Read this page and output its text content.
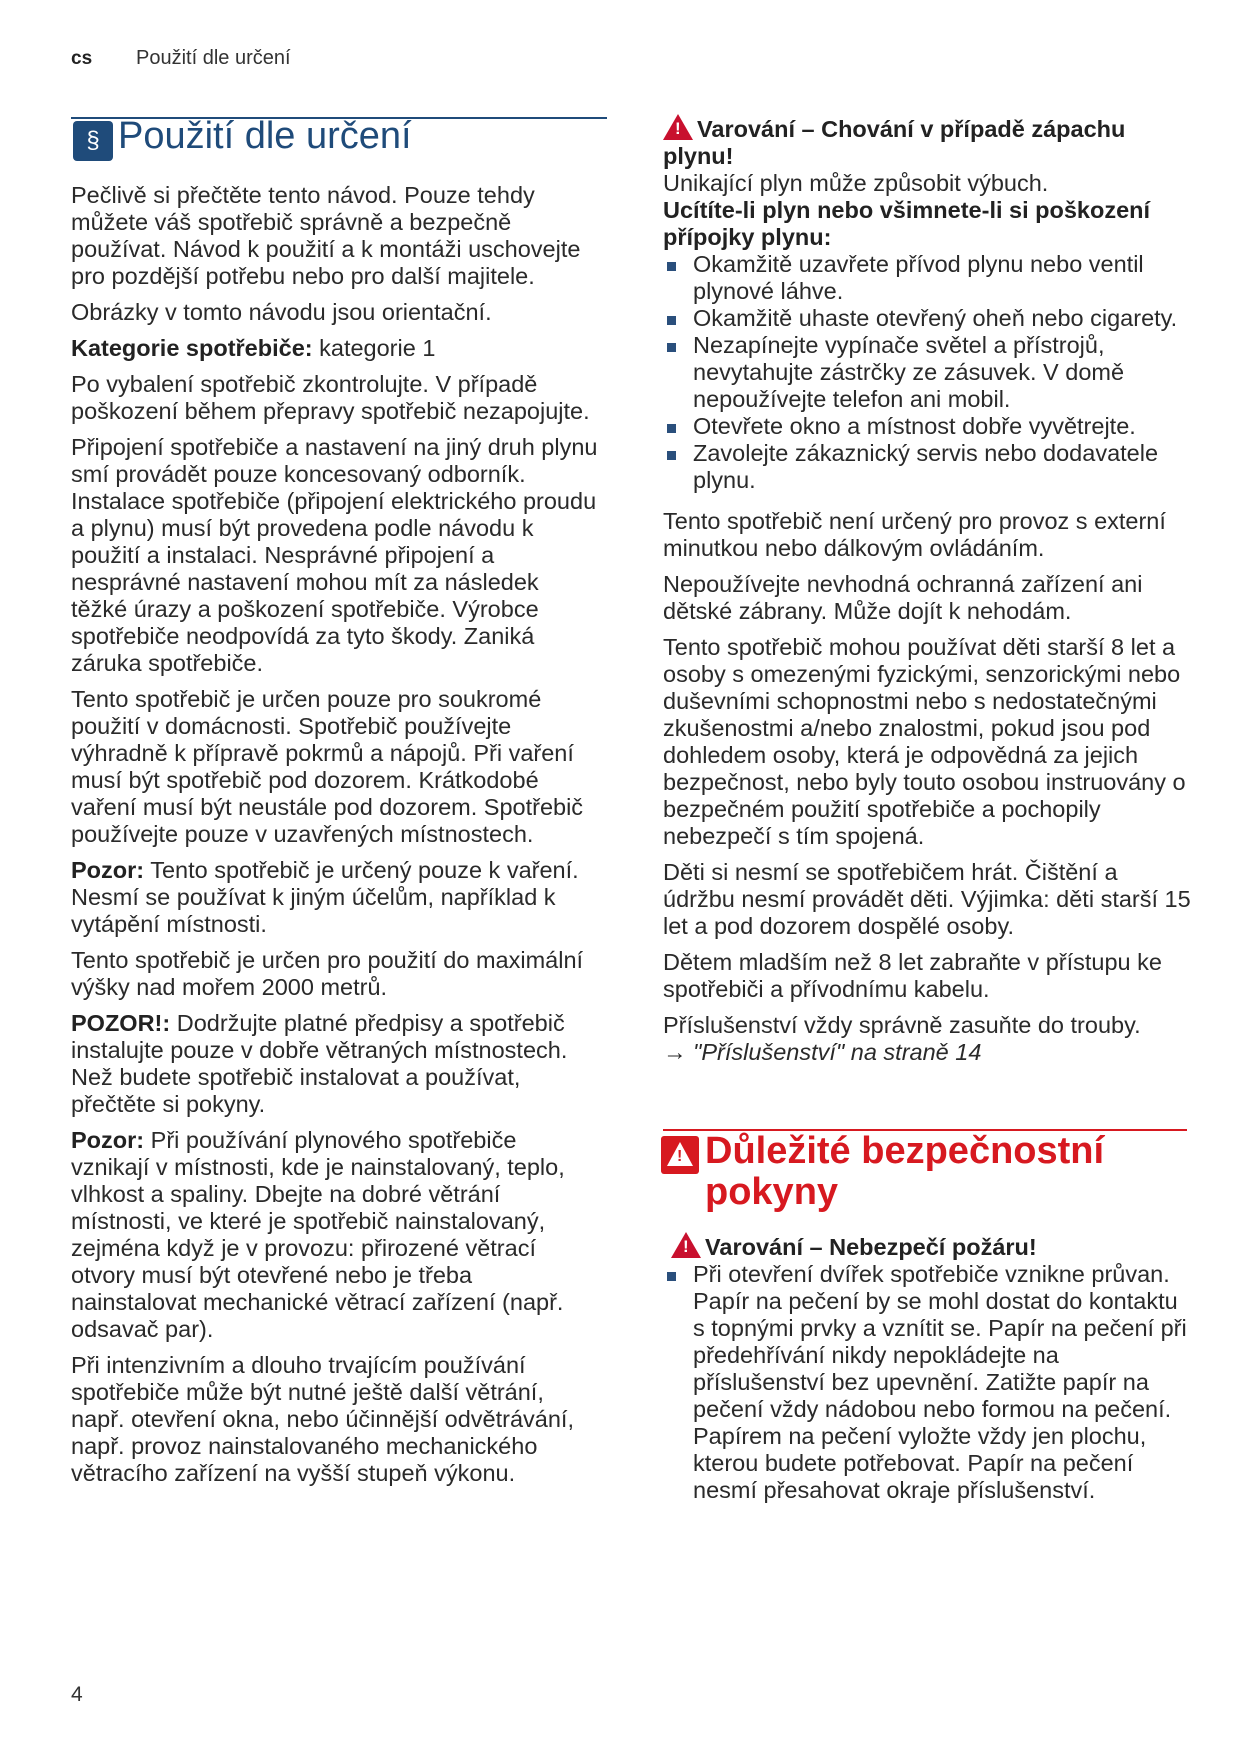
cs Použití dle určení
§ Použití dle určení

Pečlivě si přečtěte tento návod. Pouze tehdy můžete váš spotřebič správně a bezpečně používat. Návod k použití a k montáži uschovejte pro pozdější potřebu nebo pro další majitele.

Obrázky v tomto návodu jsou orientační.

Kategorie spotřebiče: kategorie 1

Po vybalení spotřebič zkontrolujte. V případě poškození během přepravy spotřebič nezapojujte.

Připojení spotřebiče a nastavení na jiný druh plynu smí provádět pouze koncesovaný odborník. Instalace spotřebiče (připojení elektrického proudu a plynu) musí být provedena podle návodu k použití a instalaci. Nesprávné připojení a nesprávné nastavení mohou mít za následek těžké úrazy a poškození spotřebiče. Výrobce spotřebiče neodpovídá za tyto škody. Zaniká záruka spotřebiče.

Tento spotřebič je určen pouze pro soukromé použití v domácnosti. Spotřebič používejte výhradně k přípravě pokrmů a nápojů. Při vaření musí být spotřebič pod dozorem. Krátkodobé vaření musí být neustále pod dozorem. Spotřebič používejte pouze v uzavřených místnostech.

Pozor: Tento spotřebič je určený pouze k vaření. Nesmí se používat k jiným účelům, například k vytápění místnosti.

Tento spotřebič je určen pro použití do maximální výšky nad mořem 2000 metrů.

POZOR!: Dodržujte platné předpisy a spotřebič instalujte pouze v dobře větraných místnostech. Než budete spotřebič instalovat a používat, přečtěte si pokyny.

Pozor: Při používání plynového spotřebiče vznikají v místnosti, kde je nainstalovaný, teplo, vlhkost a spaliny. Dbejte na dobré větrání místnosti, ve které je spotřebič nainstalovaný, zejména když je v provozu: přirozené větrací otvory musí být otevřené nebo je třeba nainstalovat mechanické větrací zařízení (např. odsavač par).

Při intenzivním a dlouho trvajícím používání spotřebiče může být nutné ještě další větrání, např. otevření okna, nebo účinnější odvětrávání, např. provoz nainstalovaného mechanického větracího zařízení na vyšší stupeň výkonu.

!Varování – Chování v případě zápachu plynu!

Unikající plyn může způsobit výbuch.

Ucítíte-li plyn nebo všimnete-li si poškození přípojky plynu:

Okamžitě uzavřete přívod plynu nebo ventil plynové láhve.
Okamžitě uhaste otevřený oheň nebo cigarety.
Nezapínejte vypínače světel a přístrojů, nevytahujte zástrčky ze zásuvek. V domě nepoužívejte telefon ani mobil.
Otevřete okno a místnost dobře vyvětrejte.
Zavolejte zákaznický servis nebo dodavatele plynu.

Tento spotřebič není určený pro provoz s externí minutkou nebo dálkovým ovládáním.

Nepoužívejte nevhodná ochranná zařízení ani dětské zábrany. Může dojít k nehodám.

Tento spotřebič mohou používat děti starší 8 let a osoby s omezenými fyzickými, senzorickými nebo duševními schopnostmi nebo s nedostatečnými zkušenostmi a/nebo znalostmi, pokud jsou pod dohledem osoby, která je odpovědná za jejich bezpečnost, nebo byly touto osobou instruovány o bezpečném použití spotřebiče a pochopily nebezpečí s tím spojená.

Děti si nesmí se spotřebičem hrát. Čištění a údržbu nesmí provádět děti. Výjimka: děti starší 15 let a pod dozorem dospělé osoby.

Dětem mladším než 8 let zabraňte v přístupu ke spotřebiči a přívodnímu kabelu.

Příslušenství vždy správně zasuňte do trouby.

→ "Příslušenství" na straně 14

! Důležité bezpečnostní pokyny
!Varování – Nebezpečí požáru!
Při otevření dvířek spotřebiče vznikne průvan. Papír na pečení by se mohl dostat do kontaktu s topnými prvky a vznítit se. Papír na pečení při předehřívání nikdy nepokládejte na příslušenství bez upevnění. Zatižte papír na pečení vždy nádobou nebo formou na pečení. Papírem na pečení vyložte vždy jen plochu, kterou budete potřebovat. Papír na pečení nesmí přesahovat okraje příslušenství.
4
